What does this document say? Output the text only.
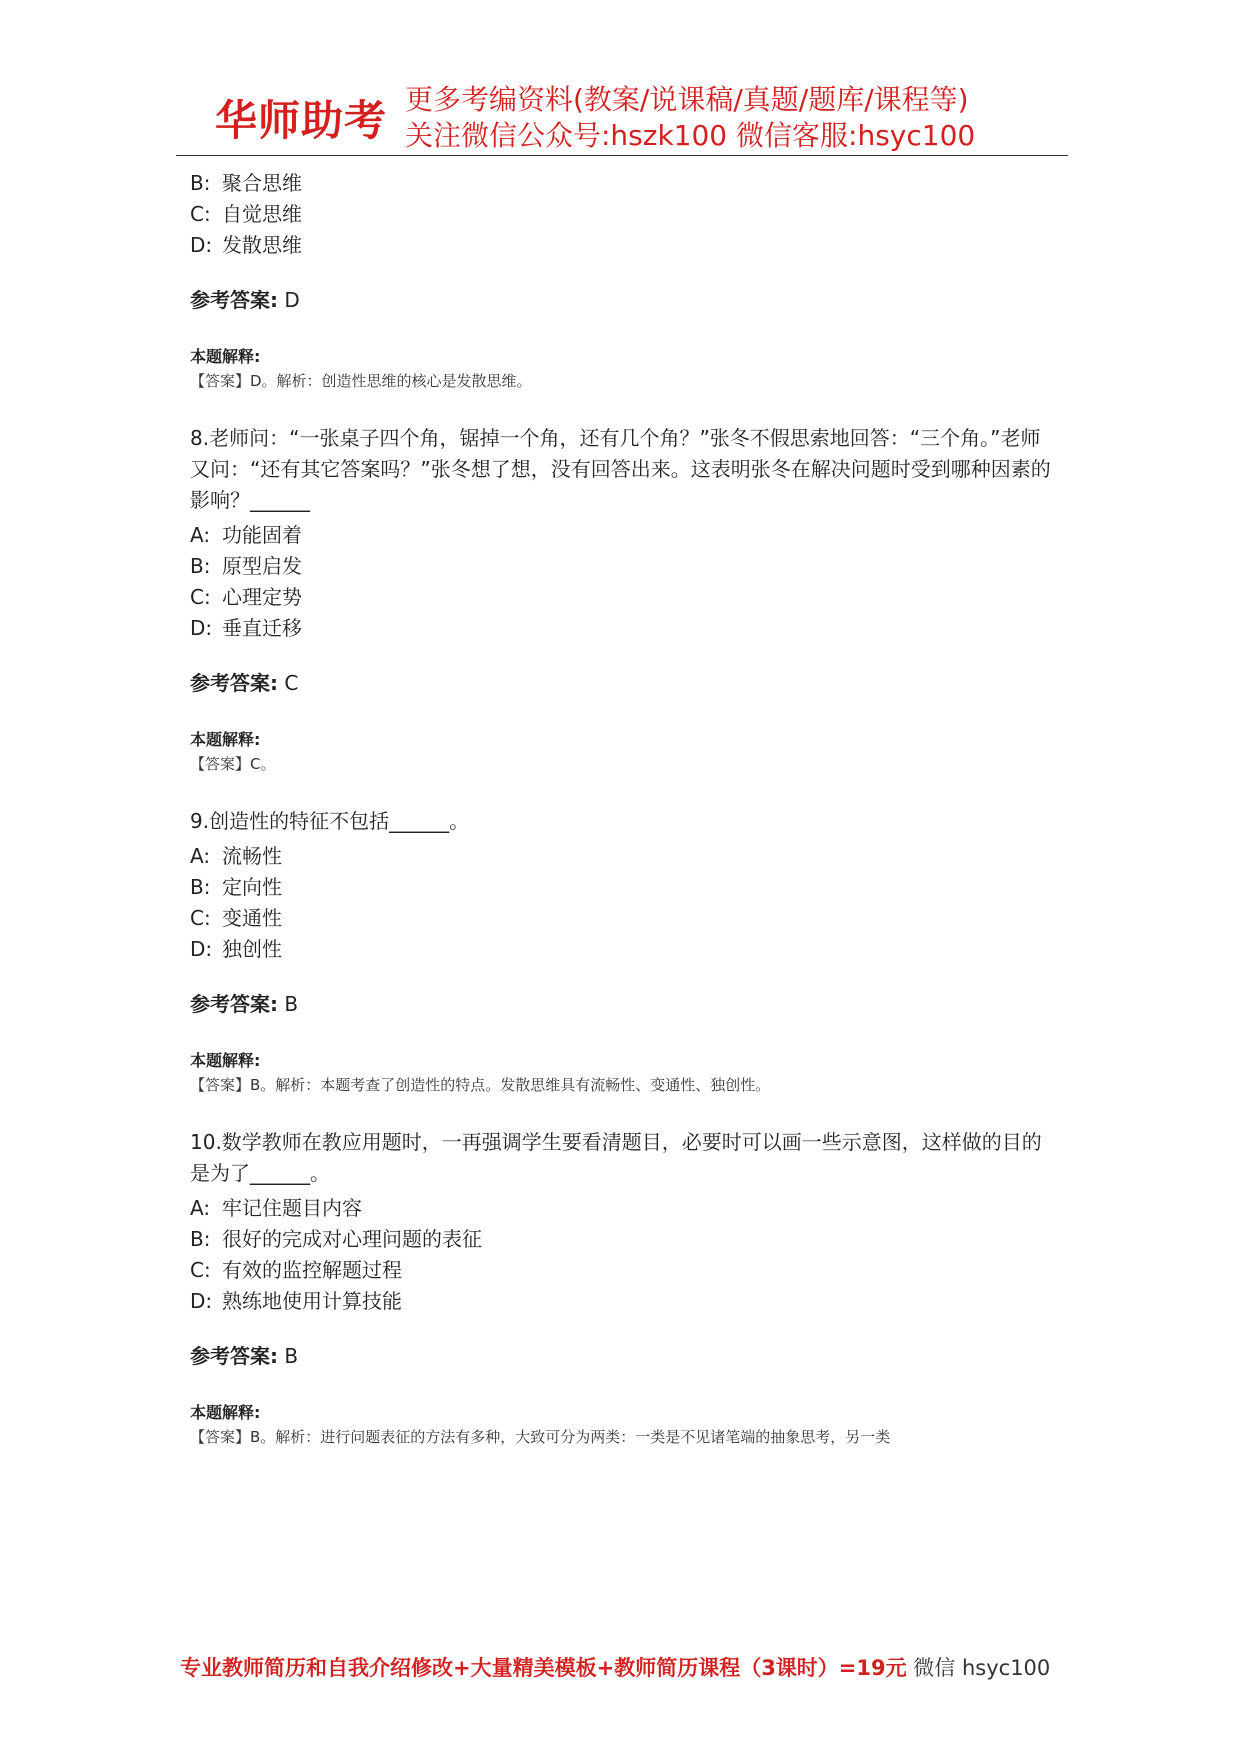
华师助考 更多考编资料(教案/说课稿/真题/题库/课程等)
关注微信公众号:hszk100 微信客服:hsyc100
B: 聚合思维
C: 自觉思维
D: 发散思维
参考答案: D
本题解释:
【答案】D。解析：创造性思维的核心是发散思维。
8.老师问：“一张桌子四个角，锯掉一个角，还有几个角？”张冬不假思索地回答：“三个角。”老师又问：“还有其它答案吗？”张冬想了想，没有回答出来。这表明张冬在解决问题时受到哪种因素的影响？______
A: 功能固着
B: 原型启发
C: 心理定势
D: 垂直迁移
参考答案: C
本题解释:
【答案】C。
9.创造性的特征不包括______。
A: 流畅性
B: 定向性
C: 变通性
D: 独创性
参考答案: B
本题解释:
【答案】B。解析：本题考查了创造性的特点。发散思维具有流畅性、变通性、独创性。
10.数学教师在教应用题时，一再强调学生要看清题目，必要时可以画一些示意图，这样做的目的是为了______。
A: 牢记住题目内容
B: 很好的完成对心理问题的表征
C: 有效的监控解题过程
D: 熟练地使用计算技能
参考答案: B
本题解释:
【答案】B。解析：进行问题表征的方法有多种，大致可分为两类：一类是不见诸笔端的抽象思考，另一类
专业教师简历和自我介绍修改+大量精美模板+教师简历课程（3课时）=19元 微信 hsyc100
